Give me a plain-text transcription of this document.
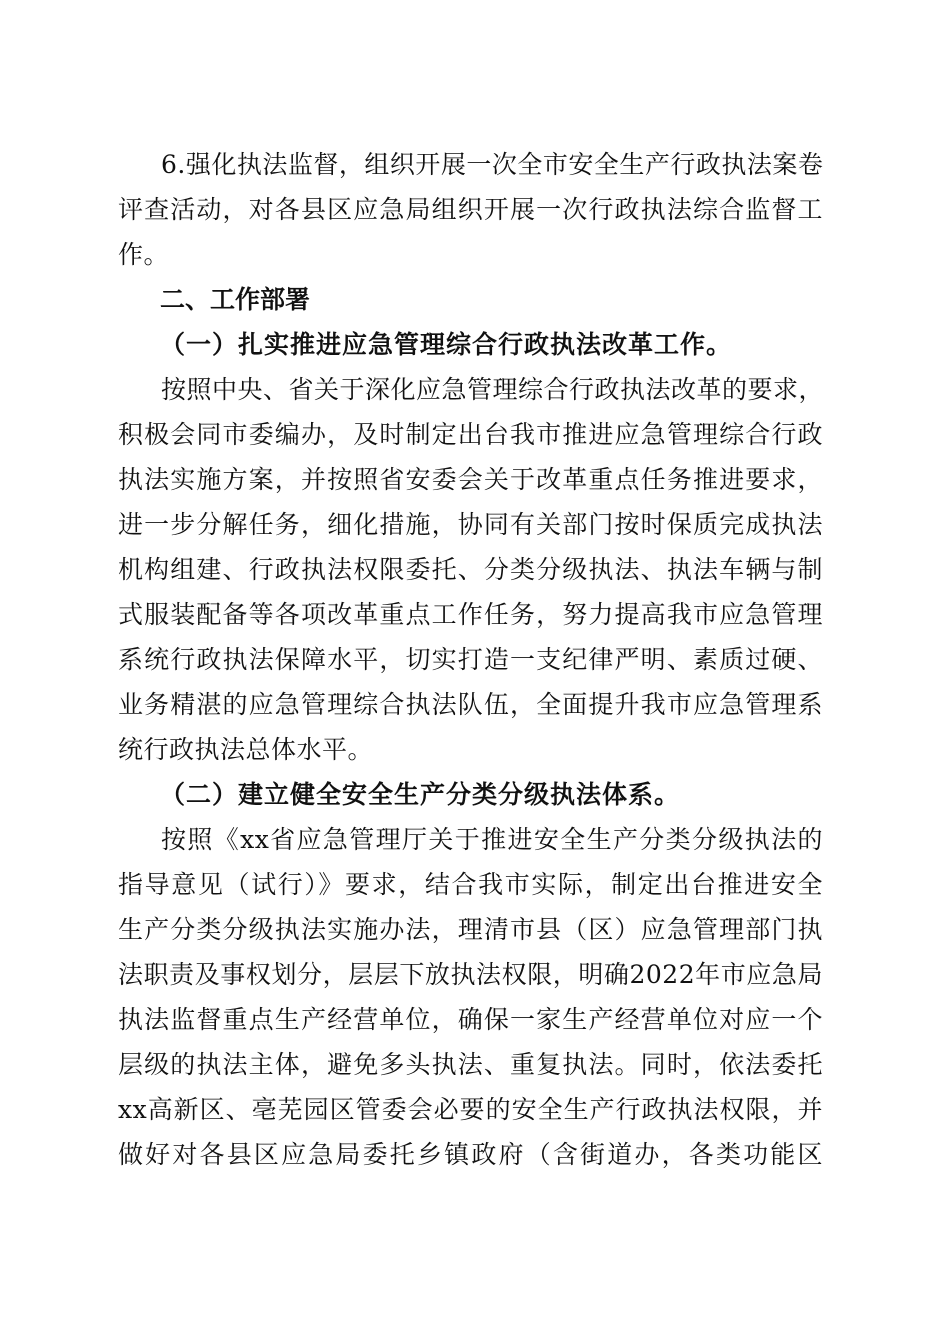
6.强化执法监督，组织开展一次全市安全生产行政执法案卷
评查活动，对各县区应急局组织开展一次行政执法综合监督工
作。
二、工作部署
（一）扎实推进应急管理综合行政执法改革工作。
按照中央、省关于深化应急管理综合行政执法改革的要求，
积极会同市委编办，及时制定出台我市推进应急管理综合行政
执法实施方案，并按照省安委会关于改革重点任务推进要求，
进一步分解任务，细化措施，协同有关部门按时保质完成执法
机构组建、行政执法权限委托、分类分级执法、执法车辆与制
式服装配备等各项改革重点工作任务，努力提高我市应急管理
系统行政执法保障水平，切实打造一支纪律严明、素质过硬、
业务精湛的应急管理综合执法队伍，全面提升我市应急管理系
统行政执法总体水平。
（二）建立健全安全生产分类分级执法体系。
按照《xx省应急管理厅关于推进安全生产分类分级执法的
指导意见（试行）》要求，结合我市实际，制定出台推进安全
生产分类分级执法实施办法，理清市县（区）应急管理部门执
法职责及事权划分，层层下放执法权限，明确2022年市应急局
执法监督重点生产经营单位，确保一家生产经营单位对应一个
层级的执法主体，避免多头执法、重复执法。同时，依法委托
xx高新区、亳芜园区管委会必要的安全生产行政执法权限，并
做好对各县区应急局委托乡镇政府（含街道办，各类功能区
